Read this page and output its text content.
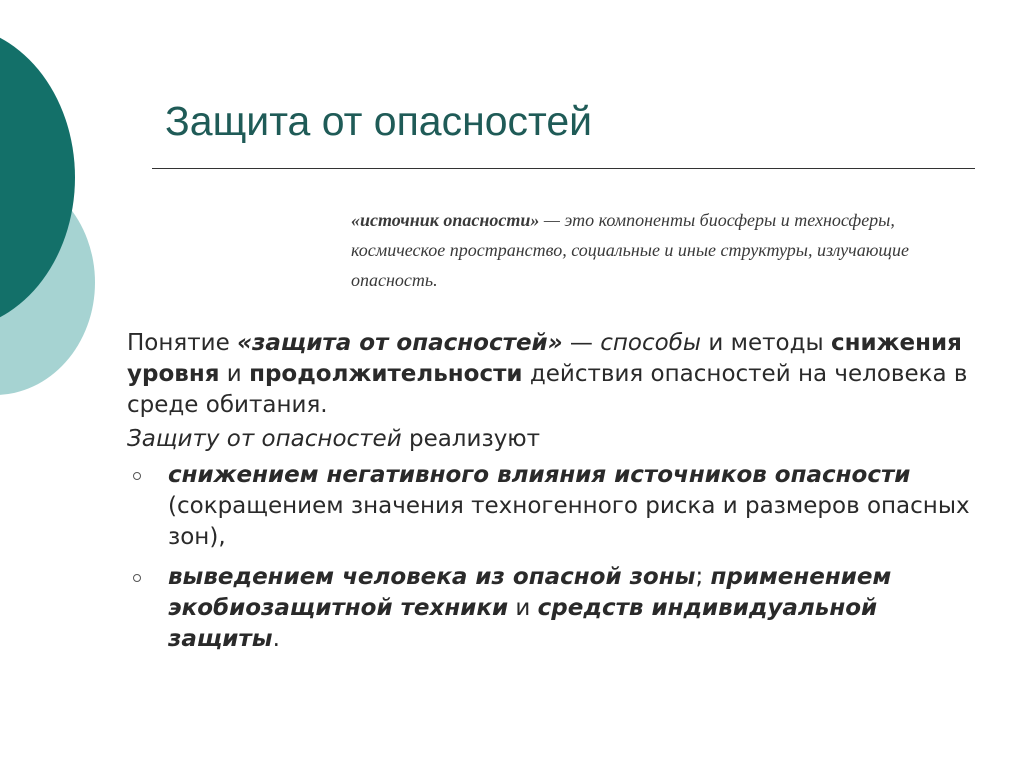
Защита от опасностей

«источник опасности» — это компоненты биосферы и техносферы, космическое пространство, социальные и иные структуры, излучающие опасность.

Понятие «защита от опасностей» — способы и методы снижения уровня и продолжительности действия опасностей на человека в среде обитания.

Защиту от опасностей реализуют

снижением негативного влияния источников опасности (сокращением значения техногенного риска и размеров опасных зон),
выведением человека из опасной зоны; применением экобиозащитной техники и средств индивидуальной защиты.
